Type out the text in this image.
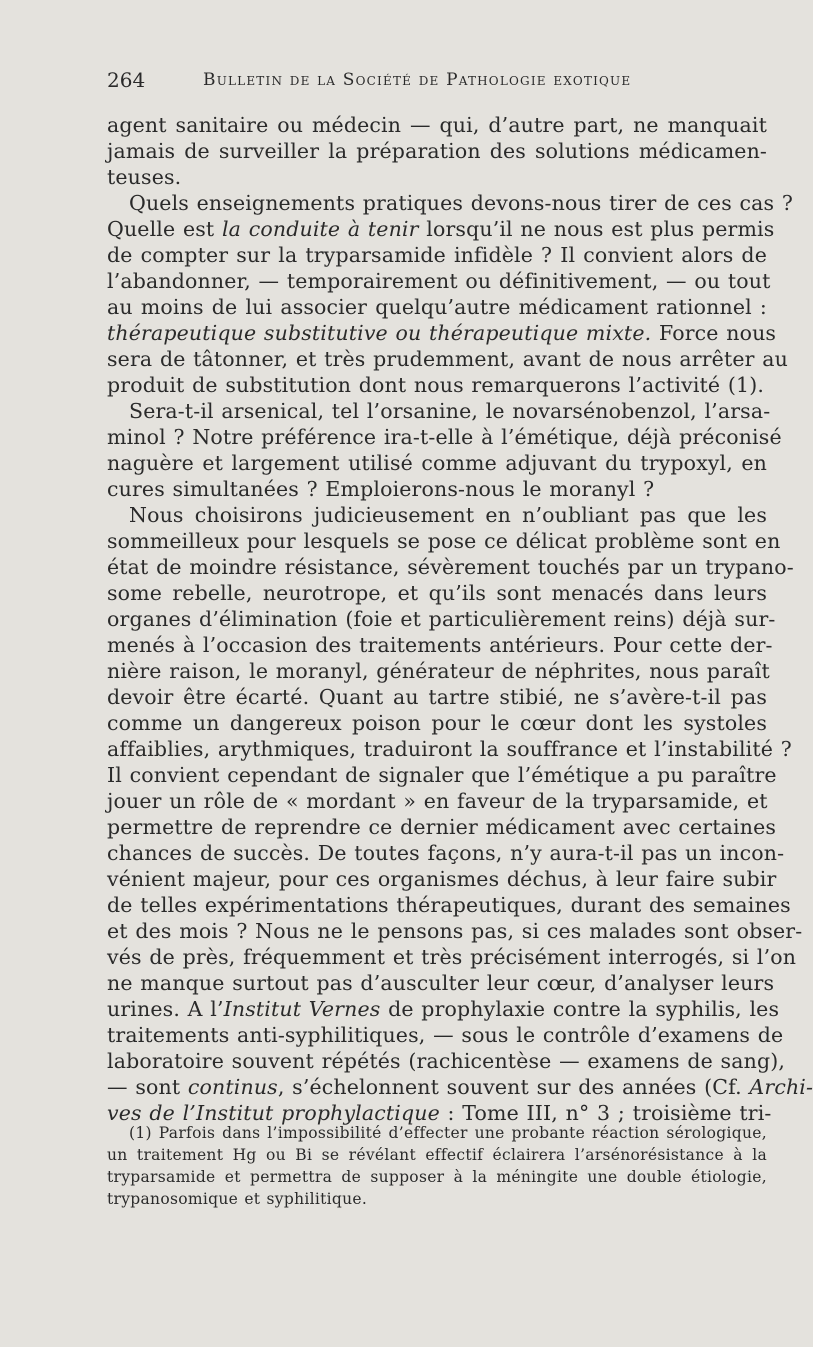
264	Bulletin de la Société de Pathologie exotique
agent sanitaire ou médecin — qui, d’autre part, ne manquait
jamais de surveiller la préparation des solutions médicamen-
teuses.
Quels enseignements pratiques devons-nous tirer de ces cas ?
Quelle est la conduite à tenir lorsqu’il ne nous est plus permis
de compter sur la tryparsamide infidèle ? Il convient alors de
l’abandonner, — temporairement ou définitivement, — ou tout
au moins de lui associer quelqu’autre médicament rationnel :
thérapeutique substitutive ou thérapeutique mixte. Force nous
sera de tâtonner, et très prudemment, avant de nous arrêter au
produit de substitution dont nous remarquerons l’activité (1).
Sera-t-il arsenical, tel l’orsanine, le novarsénobenzol, l’arsa-
minol ? Notre préférence ira-t-elle à l’émétique, déjà préconisé
naguère et largement utilisé comme adjuvant du trypoxyl, en
cures simultanées ? Emploierons-nous le moranyl ?
Nous choisirons judicieusement en n’oubliant pas que les
sommeilleux pour lesquels se pose ce délicat problème sont en
état de moindre résistance, sévèrement touchés par un trypano-
some rebelle, neurotrope, et qu’ils sont menacés dans leurs
organes d’élimination (foie et particulièrement reins) déjà sur-
menés à l’occasion des traitements antérieurs. Pour cette der-
nière raison, le moranyl, générateur de néphrites, nous paraît
devoir être écarté. Quant au tartre stibié, ne s’avère-t-il pas
comme un dangereux poison pour le cœur dont les systoles
affaiblies, arythmiques, traduiront la souffrance et l’instabilité ?
Il convient cependant de signaler que l’émétique a pu paraître
jouer un rôle de « mordant » en faveur de la tryparsamide, et
permettre de reprendre ce dernier médicament avec certaines
chances de succès. De toutes façons, n’y aura-t-il pas un incon-
vénient majeur, pour ces organismes déchus, à leur faire subir
de telles expérimentations thérapeutiques, durant des semaines
et des mois ? Nous ne le pensons pas, si ces malades sont obser-
vés de près, fréquemment et très précisément interrogés, si l’on
ne manque surtout pas d’ausculter leur cœur, d’analyser leurs
urines. A l’Institut Vernes de prophylaxie contre la syphilis, les
traitements anti-syphilitiques, — sous le contrôle d’examens de
laboratoire souvent répétés (rachicentèse — examens de sang),
— sont continus, s’échelonnent souvent sur des années (Cf. Archi-
ves de l’Institut prophylactique : Tome III, n° 3 ; troisième tri-
(1) Parfois dans l’impossibilité d’effecter une probante réaction sérologique,
un traitement Hg ou Bi se révélant effectif éclairera l’arsénorésistance à la
tryparsamide et permettra de supposer à la méningite une double étiologie,
trypanosomique et syphilitique.
